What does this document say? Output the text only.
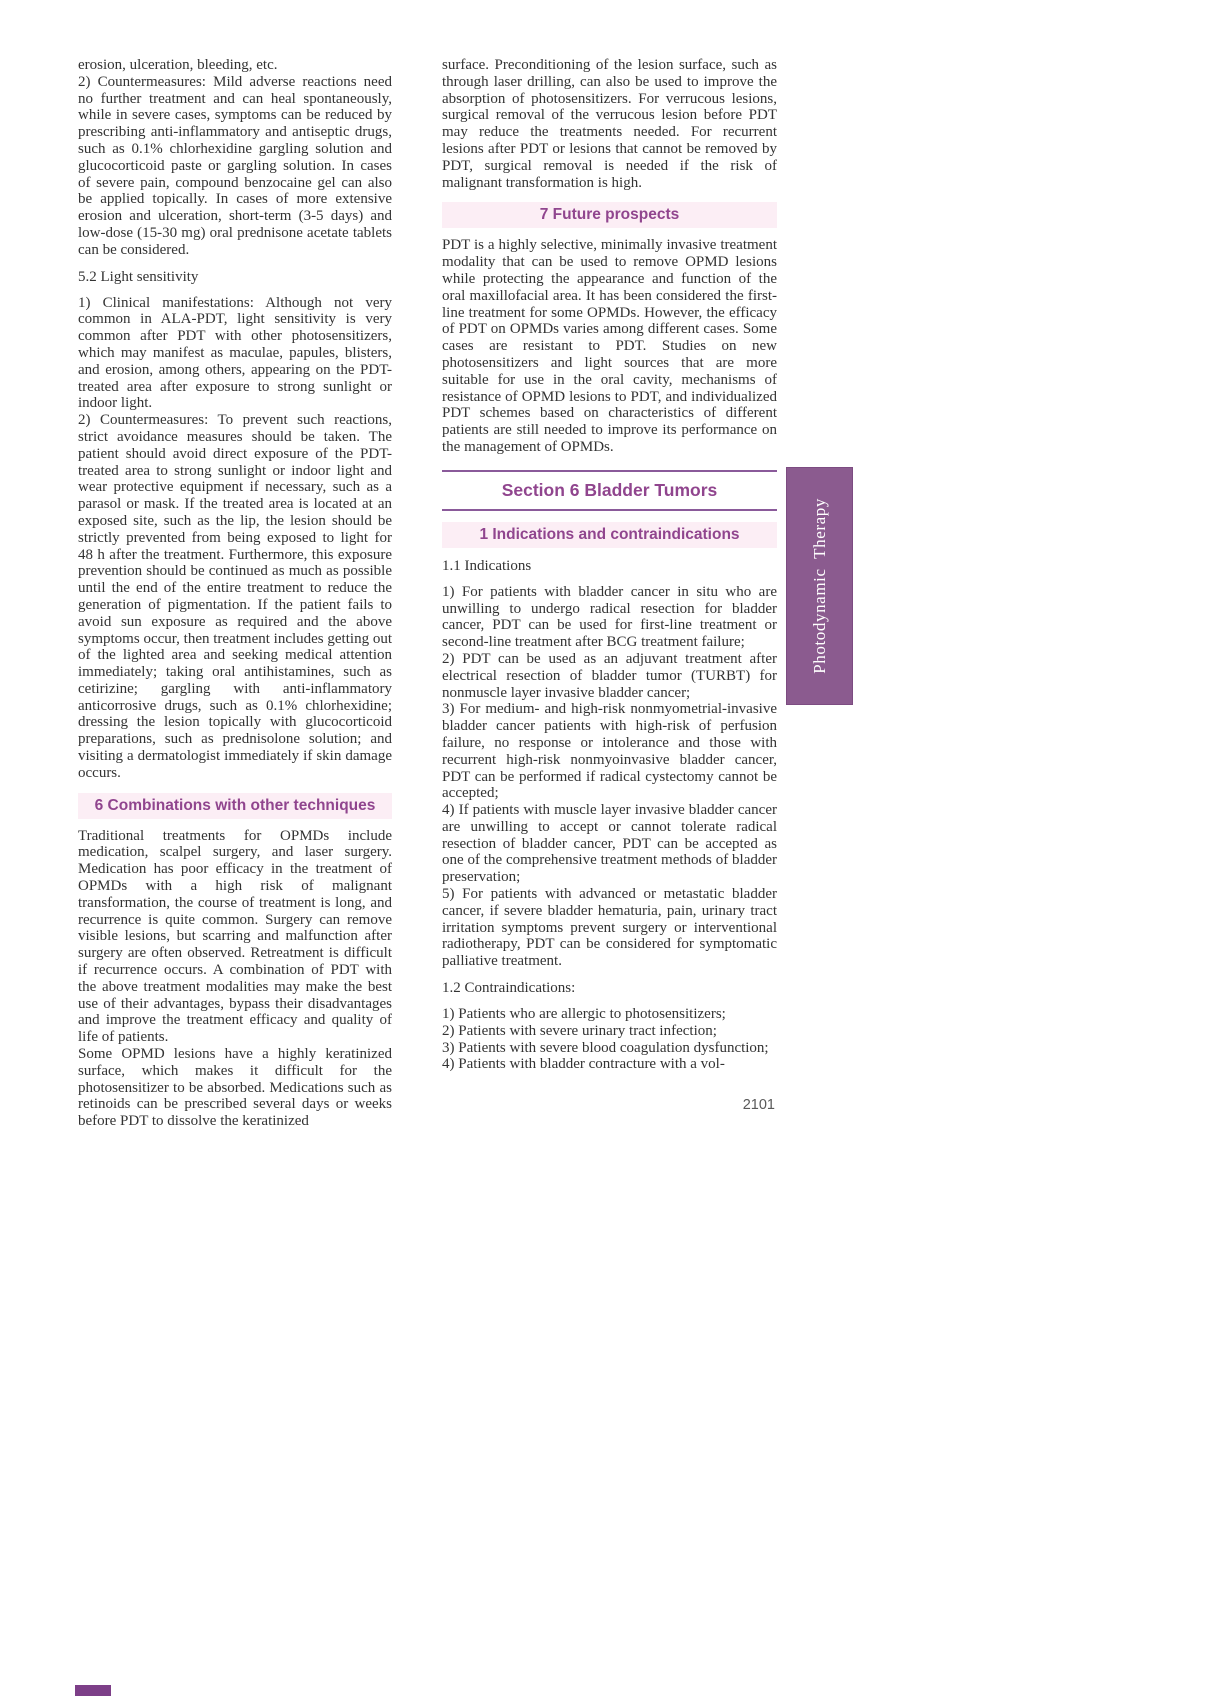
erosion, ulceration, bleeding, etc.

2) Countermeasures: Mild adverse reactions need no further treatment and can heal spontaneously, while in severe cases, symptoms can be reduced by prescribing anti-inflammatory and antiseptic drugs, such as 0.1% chlorhexidine gargling solution and glucocorticoid paste or gargling solution. In cases of severe pain, compound benzocaine gel can also be applied topically. In cases of more extensive erosion and ulceration, short-term (3-5 days) and low-dose (15-30 mg) oral prednisone acetate tablets can be considered.

5.2 Light sensitivity

1) Clinical manifestations: Although not very common in ALA-PDT, light sensitivity is very common after PDT with other photosensitizers, which may manifest as maculae, papules, blisters, and erosion, among others, appearing on the PDT-treated area after exposure to strong sunlight or indoor light.

2) Countermeasures: To prevent such reactions, strict avoidance measures should be taken. The patient should avoid direct exposure of the PDT-treated area to strong sunlight or indoor light and wear protective equipment if necessary, such as a parasol or mask. If the treated area is located at an exposed site, such as the lip, the lesion should be strictly prevented from being exposed to light for 48 h after the treatment. Furthermore, this exposure prevention should be continued as much as possible until the end of the entire treatment to reduce the generation of pigmentation. If the patient fails to avoid sun exposure as required and the above symptoms occur, then treatment includes getting out of the lighted area and seeking medical attention immediately; taking oral antihistamines, such as cetirizine; gargling with anti-inflammatory anticorrosive drugs, such as 0.1% chlorhexidine; dressing the lesion topically with glucocorticoid preparations, such as prednisolone solution; and visiting a dermatologist immediately if skin damage occurs.

6 Combinations with other techniques

Traditional treatments for OPMDs include medication, scalpel surgery, and laser surgery. Medication has poor efficacy in the treatment of OPMDs with a high risk of malignant transformation, the course of treatment is long, and recurrence is quite common. Surgery can remove visible lesions, but scarring and malfunction after surgery are often observed. Retreatment is difficult if recurrence occurs. A combination of PDT with the above treatment modalities may make the best use of their advantages, bypass their disadvantages and improve the treatment efficacy and quality of life of patients.

Some OPMD lesions have a highly keratinized surface, which makes it difficult for the photosensitizer to be absorbed. Medications such as retinoids can be prescribed several days or weeks before PDT to dissolve the keratinized

surface. Preconditioning of the lesion surface, such as through laser drilling, can also be used to improve the absorption of photosensitizers. For verrucous lesions, surgical removal of the verrucous lesion before PDT may reduce the treatments needed. For recurrent lesions after PDT or lesions that cannot be removed by PDT, surgical removal is needed if the risk of malignant transformation is high.

7 Future prospects

PDT is a highly selective, minimally invasive treatment modality that can be used to remove OPMD lesions while protecting the appearance and function of the oral maxillofacial area. It has been considered the first-line treatment for some OPMDs. However, the efficacy of PDT on OPMDs varies among different cases. Some cases are resistant to PDT. Studies on new photosensitizers and light sources that are more suitable for use in the oral cavity, mechanisms of resistance of OPMD lesions to PDT, and individualized PDT schemes based on characteristics of different patients are still needed to improve its performance on the management of OPMDs.

Section 6 Bladder Tumors
1 Indications and contraindications
1.1 Indications

1) For patients with bladder cancer in situ who are unwilling to undergo radical resection for bladder cancer, PDT can be used for first-line treatment or second-line treatment after BCG treatment failure;

2) PDT can be used as an adjuvant treatment after electrical resection of bladder tumor (TURBT) for nonmuscle layer invasive bladder cancer;

3) For medium- and high-risk nonmyometrial-invasive bladder cancer patients with high-risk of perfusion failure, no response or intolerance and those with recurrent high-risk nonmyoinvasive bladder cancer, PDT can be performed if radical cystectomy cannot be accepted;

4) If patients with muscle layer invasive bladder cancer are unwilling to accept or cannot tolerate radical resection of bladder cancer, PDT can be accepted as one of the comprehensive treatment methods of bladder preservation;

5) For patients with advanced or metastatic bladder cancer, if severe bladder hematuria, pain, urinary tract irritation symptoms prevent surgery or interventional radiotherapy, PDT can be considered for symptomatic palliative treatment.

1.2 Contraindications:

1) Patients who are allergic to photosensitizers;

2) Patients with severe urinary tract infection;

3) Patients with severe blood coagulation dysfunction;

4) Patients with bladder contracture with a vol-

2101
Photodynamic Therapy
